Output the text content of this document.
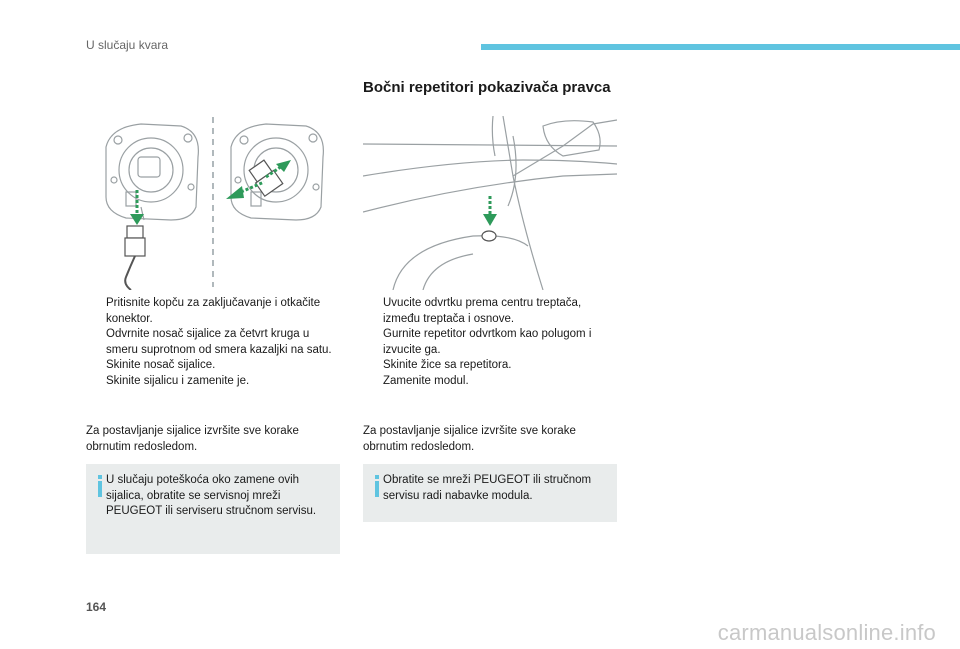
U slučaju kvara
Bočni repetitori pokazivača pravca
Pritisnite kopču za zaključavanje i otkačite konektor.
Odvrnite nosač sijalice za četvrt kruga u smeru suprotnom od smera kazaljki na satu.
Skinite nosač sijalice.
Skinite sijalicu i zamenite je.
Uvucite odvrtku prema centru treptača, između treptača i osnove.
Gurnite repetitor odvrtkom kao polugom i izvucite ga.
Skinite žice sa repetitora.
Zamenite modul.
Za postavljanje sijalice izvršite sve korake obrnutim redosledom.
Za postavljanje sijalice izvršite sve korake obrnutim redosledom.
U slučaju poteškoća oko zamene ovih sijalica, obratite se servisnoj mreži PEUGEOT ili serviseru stručnom servisu.
Obratite se mreži PEUGEOT ili stručnom servisu radi nabavke modula.
164
carmanualsonline.info
